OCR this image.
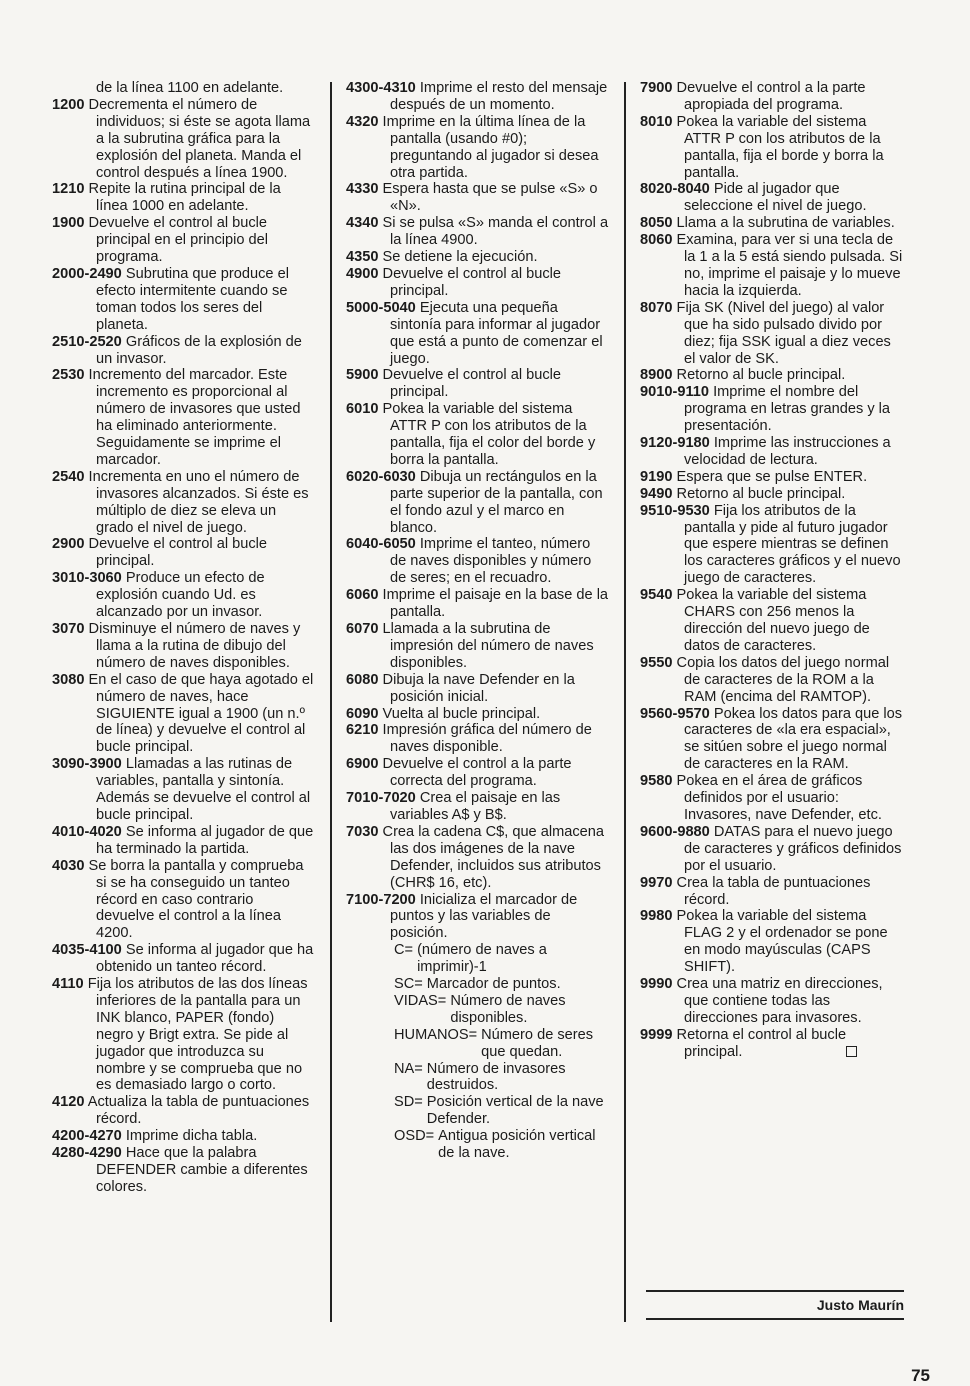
de la línea 1100 en adelante.

1200 Decrementa el número de individuos; si éste se agota llama a la subrutina gráfica para la explosión del planeta. Manda el control después a línea 1900.

1210 Repite la rutina principal de la línea 1000 en adelante.

1900 Devuelve el control al bucle principal en el principio del programa.

2000-2490 Subrutina que produce el efecto intermitente cuando se toman todos los seres del planeta.

2510-2520 Gráficos de la explosión de un invasor.

2530 Incremento del marcador. Este incremento es proporcional al número de invasores que usted ha eliminado anteriormente. Seguidamente se imprime el marcador.

2540 Incrementa en uno el número de invasores alcanzados. Si éste es múltiplo de diez se eleva un grado el nivel de juego.

2900 Devuelve el control al bucle principal.

3010-3060 Produce un efecto de explosión cuando Ud. es alcanzado por un invasor.

3070 Disminuye el número de naves y llama a la rutina de dibujo del número de naves disponibles.

3080 En el caso de que haya agotado el número de naves, hace SIGUIENTE igual a 1900 (un n.º de línea) y devuelve el control al bucle principal.

3090-3900 Llamadas a las rutinas de variables, pantalla y sintonía. Además se devuelve el control al bucle principal.

4010-4020 Se informa al jugador de que ha terminado la partida.

4030 Se borra la pantalla y comprueba si se ha conseguido un tanteo récord en caso contrario devuelve el control a la línea 4200.

4035-4100 Se informa al jugador que ha obtenido un tanteo récord.

4110 Fija los atributos de las dos líneas inferiores de la pantalla para un INK blanco, PAPER (fondo) negro y Brigt extra. Se pide al jugador que introduzca su nombre y se comprueba que no es demasiado largo o corto.

4120 Actualiza la tabla de puntuaciones récord.

4200-4270 Imprime dicha tabla.

4280-4290 Hace que la palabra DEFENDER cambie a diferentes colores.

4300-4310 Imprime el resto del mensaje después de un momento.

4320 Imprime en la última línea de la pantalla (usando #0); preguntando al jugador si desea otra partida.

4330 Espera hasta que se pulse «S» o «N».

4340 Si se pulsa «S» manda el control a la línea 4900.

4350 Se detiene la ejecución.

4900 Devuelve el control al bucle principal.

5000-5040 Ejecuta una pequeña sintonía para informar al jugador que está a punto de comenzar el juego.

5900 Devuelve el control al bucle principal.

6010 Pokea la variable del sistema ATTR P con los atributos de la pantalla, fija el color del borde y borra la pantalla.

6020-6030 Dibuja un rectángulos en la parte superior de la pantalla, con el fondo azul y el marco en blanco.

6040-6050 Imprime el tanteo, número de naves disponibles y número de seres; en el recuadro.

6060 Imprime el paisaje en la base de la pantalla.

6070 Llamada a la subrutina de impresión del número de naves disponibles.

6080 Dibuja la nave Defender en la posición inicial.

6090 Vuelta al bucle principal.

6210 Impresión gráfica del número de naves disponible.

6900 Devuelve el control a la parte correcta del programa.

7010-7020 Crea el paisaje en las variables A$ y B$.

7030 Crea la cadena C$, que almacena las dos imágenes de la nave Defender, incluidos sus atributos (CHR$ 16, etc).

7100-7200 Inicializa el marcador de puntos y las variables de posición.

C= (número de naves a imprimir)-1
SC= Marcador de puntos.
VIDAS= Número de naves disponibles.
HUMANOS= Número de seres que quedan.
NA= Número de invasores destruidos.
SD= Posición vertical de la nave Defender.
OSD= Antigua posición vertical de la nave.

7900 Devuelve el control a la parte apropiada del programa.

8010 Pokea la variable del sistema ATTR P con los atributos de la pantalla, fija el borde y borra la pantalla.

8020-8040 Pide al jugador que seleccione el nivel de juego.

8050 Llama a la subrutina de variables.

8060 Examina, para ver si una tecla de la 1 a la 5 está siendo pulsada. Si no, imprime el paisaje y lo mueve hacia la izquierda.

8070 Fija SK (Nivel del juego) al valor que ha sido pulsado divido por diez; fija SSK igual a diez veces el valor de SK.

8900 Retorno al bucle principal.

9010-9110 Imprime el nombre del programa en letras grandes y la presentación.

9120-9180 Imprime las instrucciones a velocidad de lectura.

9190 Espera que se pulse ENTER.

9490 Retorno al bucle principal.

9510-9530 Fija los atributos de la pantalla y pide al futuro jugador que espere mientras se definen los caracteres gráficos y el nuevo juego de caracteres.

9540 Pokea la variable del sistema CHARS con 256 menos la dirección del nuevo juego de datos de caracteres.

9550 Copia los datos del juego normal de caracteres de la ROM a la RAM (encima del RAMTOP).

9560-9570 Pokea los datos para que los caracteres de «la era espacial», se sitúen sobre el juego normal de caracteres en la RAM.

9580 Pokea en el área de gráficos definidos por el usuario: Invasores, nave Defender, etc.

9600-9880 DATAS para el nuevo juego de caracteres y gráficos definidos por el usuario.

9970 Crea la tabla de puntuaciones récord.

9980 Pokea la variable del sistema FLAG 2 y el ordenador se pone en modo mayúsculas (CAPS SHIFT).

9990 Crea una matriz en direcciones, que contiene todas las direcciones para invasores.

9999 Retorna el control al bucle principal.

Justo Maurín
75
